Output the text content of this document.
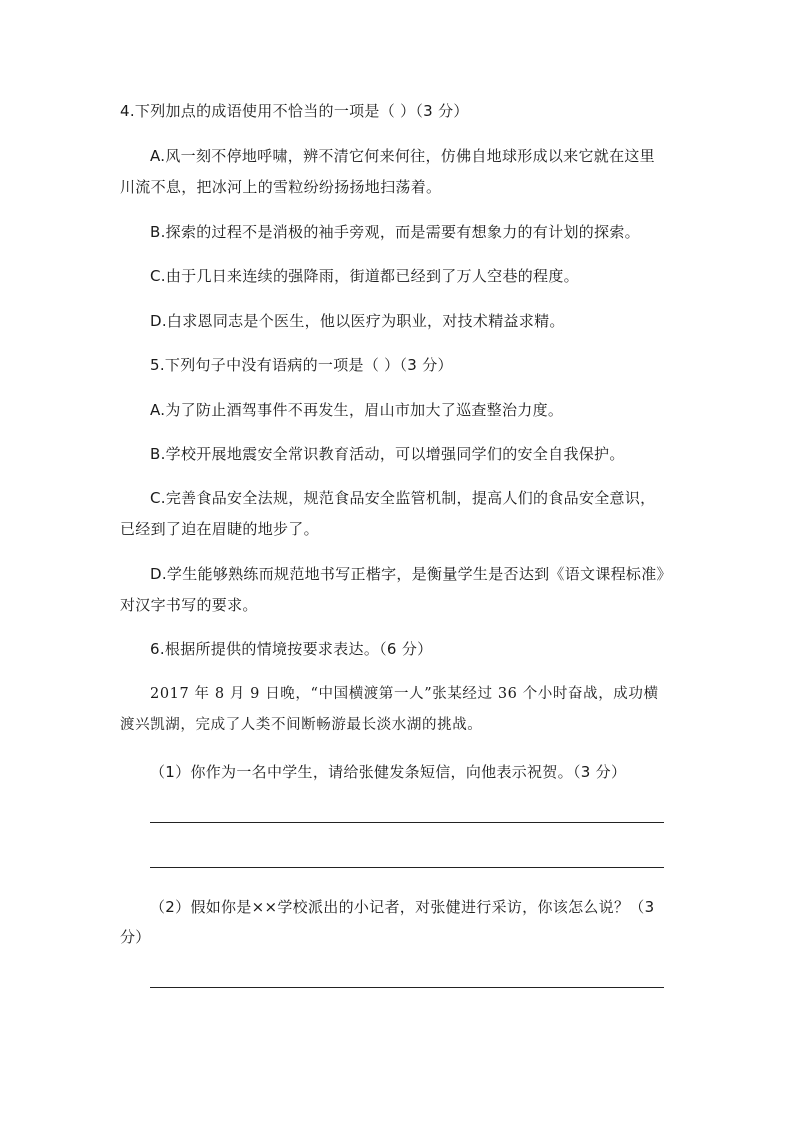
4.下列加点的成语使用不恰当的一项是（ ）（3 分）
A.风一刻不停地呼啸，辨不清它何来何往，仿佛自地球形成以来它就在这里
川流不息，把冰河上的雪粒纷纷扬扬地扫荡着。
B.探索的过程不是消极的袖手旁观，而是需要有想象力的有计划的探索。
C.由于几日来连续的强降雨，街道都已经到了万人空巷的程度。
D.白求恩同志是个医生，他以医疗为职业，对技术精益求精。
5.下列句子中没有语病的一项是（ ）（3 分）
A.为了防止酒驾事件不再发生，眉山市加大了巡查整治力度。
B.学校开展地震安全常识教育活动，可以增强同学们的安全自我保护。
C.完善食品安全法规，规范食品安全监管机制，提高人们的食品安全意识，
已经到了迫在眉睫的地步了。
D.学生能够熟练而规范地书写正楷字，是衡量学生是否达到《语文课程标准》
对汉字书写的要求。
6.根据所提供的情境按要求表达。（6 分）
2017 年 8 月 9 日晚，“中国横渡第一人”张某经过 36 个小时奋战，成功横
渡兴凯湖，完成了人类不间断畅游最长淡水湖的挑战。
（1）你作为一名中学生，请给张健发条短信，向他表示祝贺。（3 分）
（2）假如你是××学校派出的小记者，对张健进行采访，你该怎么说？（3
分）
